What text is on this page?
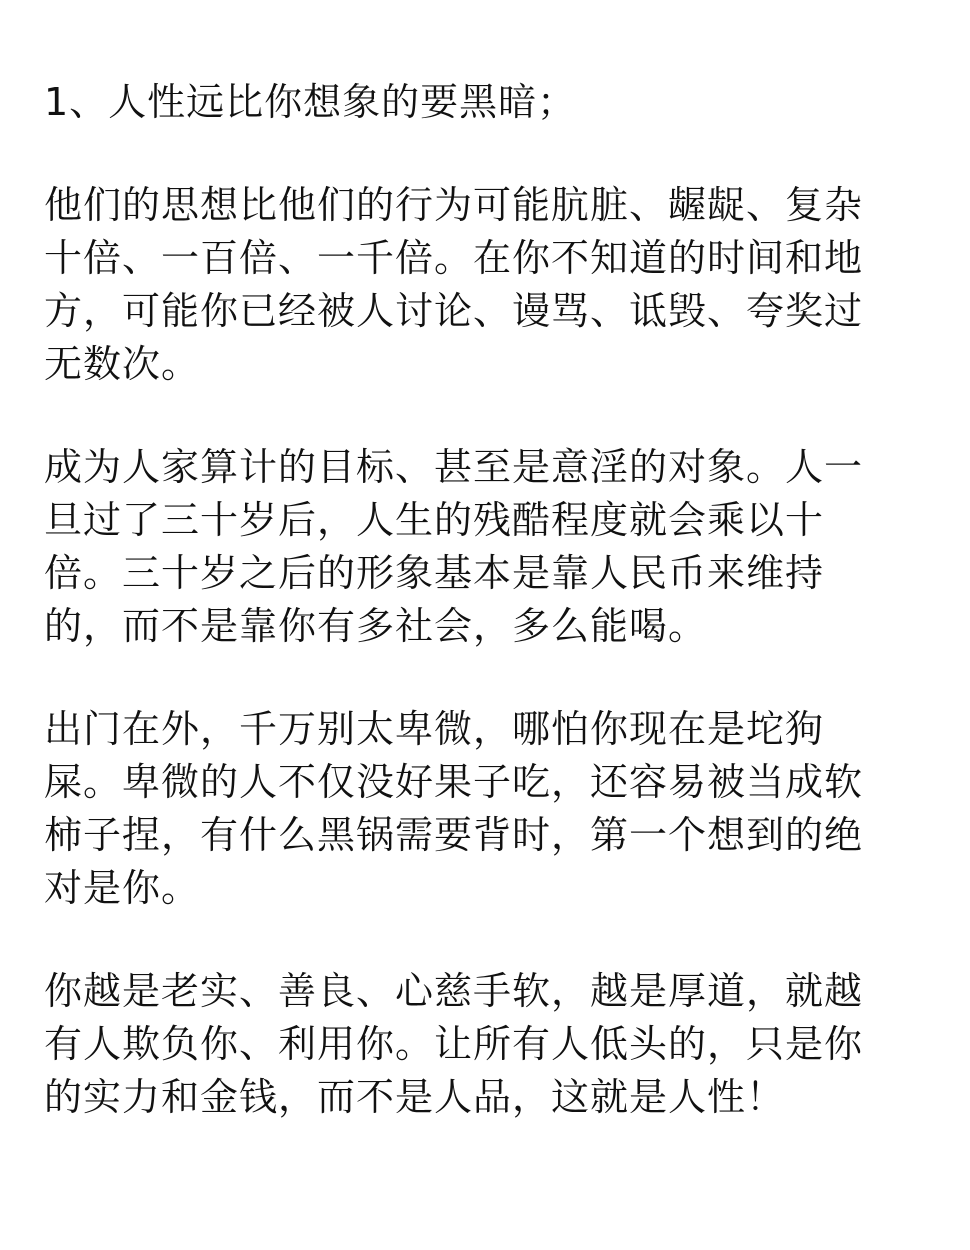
1、人性远比你想象的要黑暗；

他们的思想比他们的行为可能肮脏、龌龊、复杂
十倍、一百倍、一千倍。在你不知道的时间和地
方，可能你已经被人讨论、谩骂、诋毁、夸奖过
无数次。

成为人家算计的目标、甚至是意淫的对象。人一
旦过了三十岁后，人生的残酷程度就会乘以十
倍。三十岁之后的形象基本是靠人民币来维持
的，而不是靠你有多社会，多么能喝。

出门在外，千万别太卑微，哪怕你现在是坨狗
屎。卑微的人不仅没好果子吃，还容易被当成软
柿子捏，有什么黑锅需要背时，第一个想到的绝
对是你。

你越是老实、善良、心慈手软，越是厚道，就越
有人欺负你、利用你。让所有人低头的，只是你
的实力和金钱，而不是人品，这就是人性！
